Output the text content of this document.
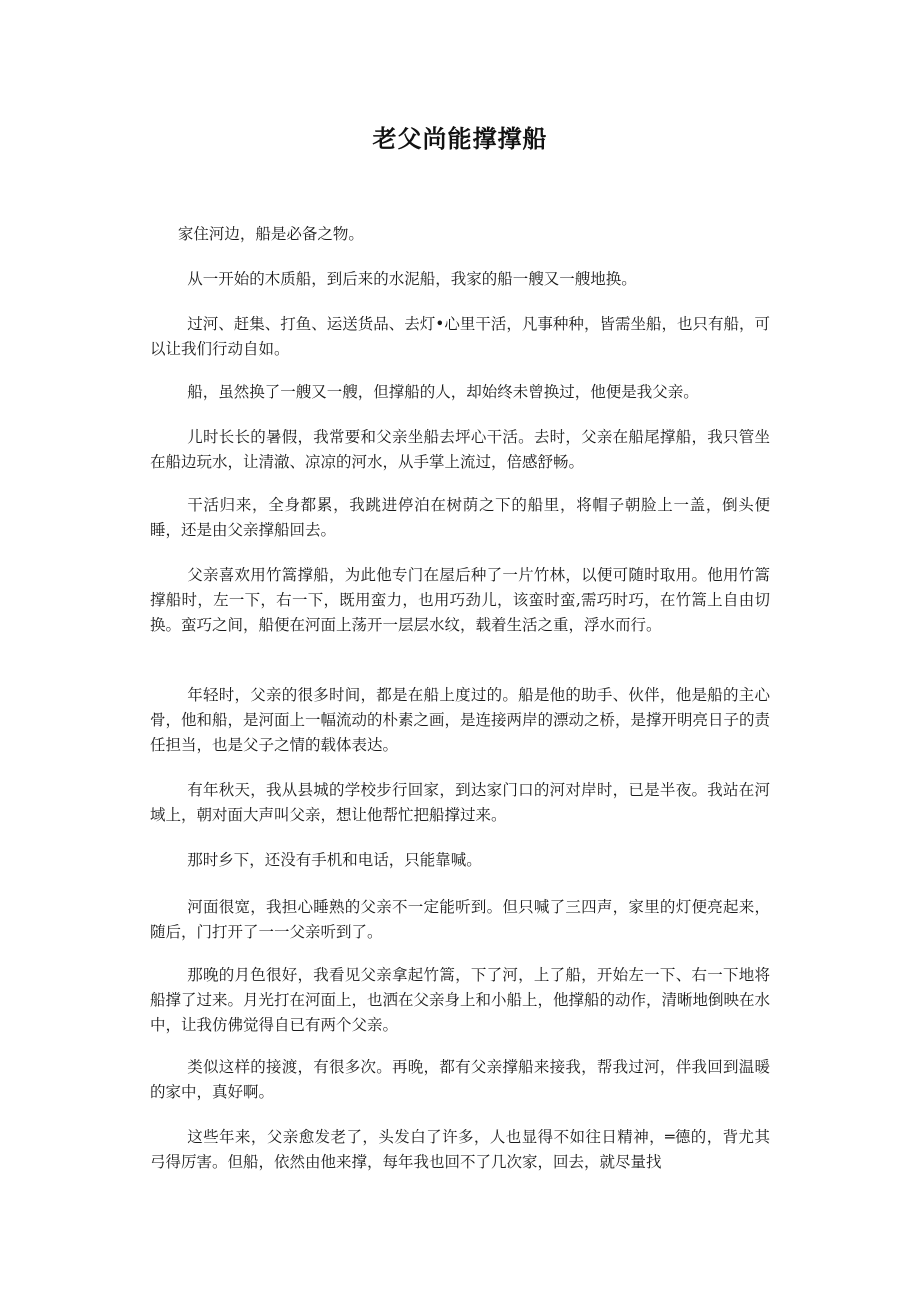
老父尚能撑撑船

家住河边，船是必备之物。

从一开始的木质船，到后来的水泥船，我家的船一艘又一艘地换。

过河、赶集、打鱼、运送货品、去灯•心里干活，凡事种种，皆需坐船，也只有船，可以让我们行动自如。

船，虽然换了一艘又一艘，但撑船的人，却始终未曾换过，他便是我父亲。

儿时长长的暑假，我常要和父亲坐船去坪心干活。去时，父亲在船尾撑船，我只管坐在船边玩水，让清澈、凉凉的河水，从手掌上流过，倍感舒畅。

干活归来，全身都累，我跳进停泊在树荫之下的船里，将帽子朝脸上一盖，倒头便睡，还是由父亲撑船回去。

父亲喜欢用竹篙撑船，为此他专门在屋后种了一片竹林，以便可随时取用。他用竹篙撑船时，左一下，右一下，既用蛮力，也用巧劲儿，该蛮时蛮,需巧时巧，在竹篙上自由切换。蛮巧之间，船便在河面上荡开一层层水纹，载着生活之重，浮水而行。

年轻时，父亲的很多时间，都是在船上度过的。船是他的助手、伙伴，他是船的主心骨，他和船，是河面上一幅流动的朴素之画，是连接两岸的漂动之桥，是撑开明亮日子的责任担当，也是父子之情的载体表达。

有年秋天，我从县城的学校步行回家，到达家门口的河对岸时，已是半夜。我站在河域上，朝对面大声叫父亲，想让他帮忙把船撑过来。

那时乡下，还没有手机和电话，只能靠喊。

河面很宽，我担心睡熟的父亲不一定能听到。但只喊了三四声，家里的灯便亮起来，随后，门打开了一一父亲听到了。

那晚的月色很好，我看见父亲拿起竹篙，下了河，上了船，开始左一下、右一下地将船撑了过来。月光打在河面上，也洒在父亲身上和小船上，他撑船的动作，清晰地倒映在水中，让我仿佛觉得自已有两个父亲。

类似这样的接渡，有很多次。再晚，都有父亲撑船来接我，帮我过河，伴我回到温暖的家中，真好啊。

这些年来，父亲愈发老了，头发白了许多，人也显得不如往日精神，═德的，背尤其弓得厉害。但船，依然由他来撑，每年我也回不了几次家，回去，就尽量找
